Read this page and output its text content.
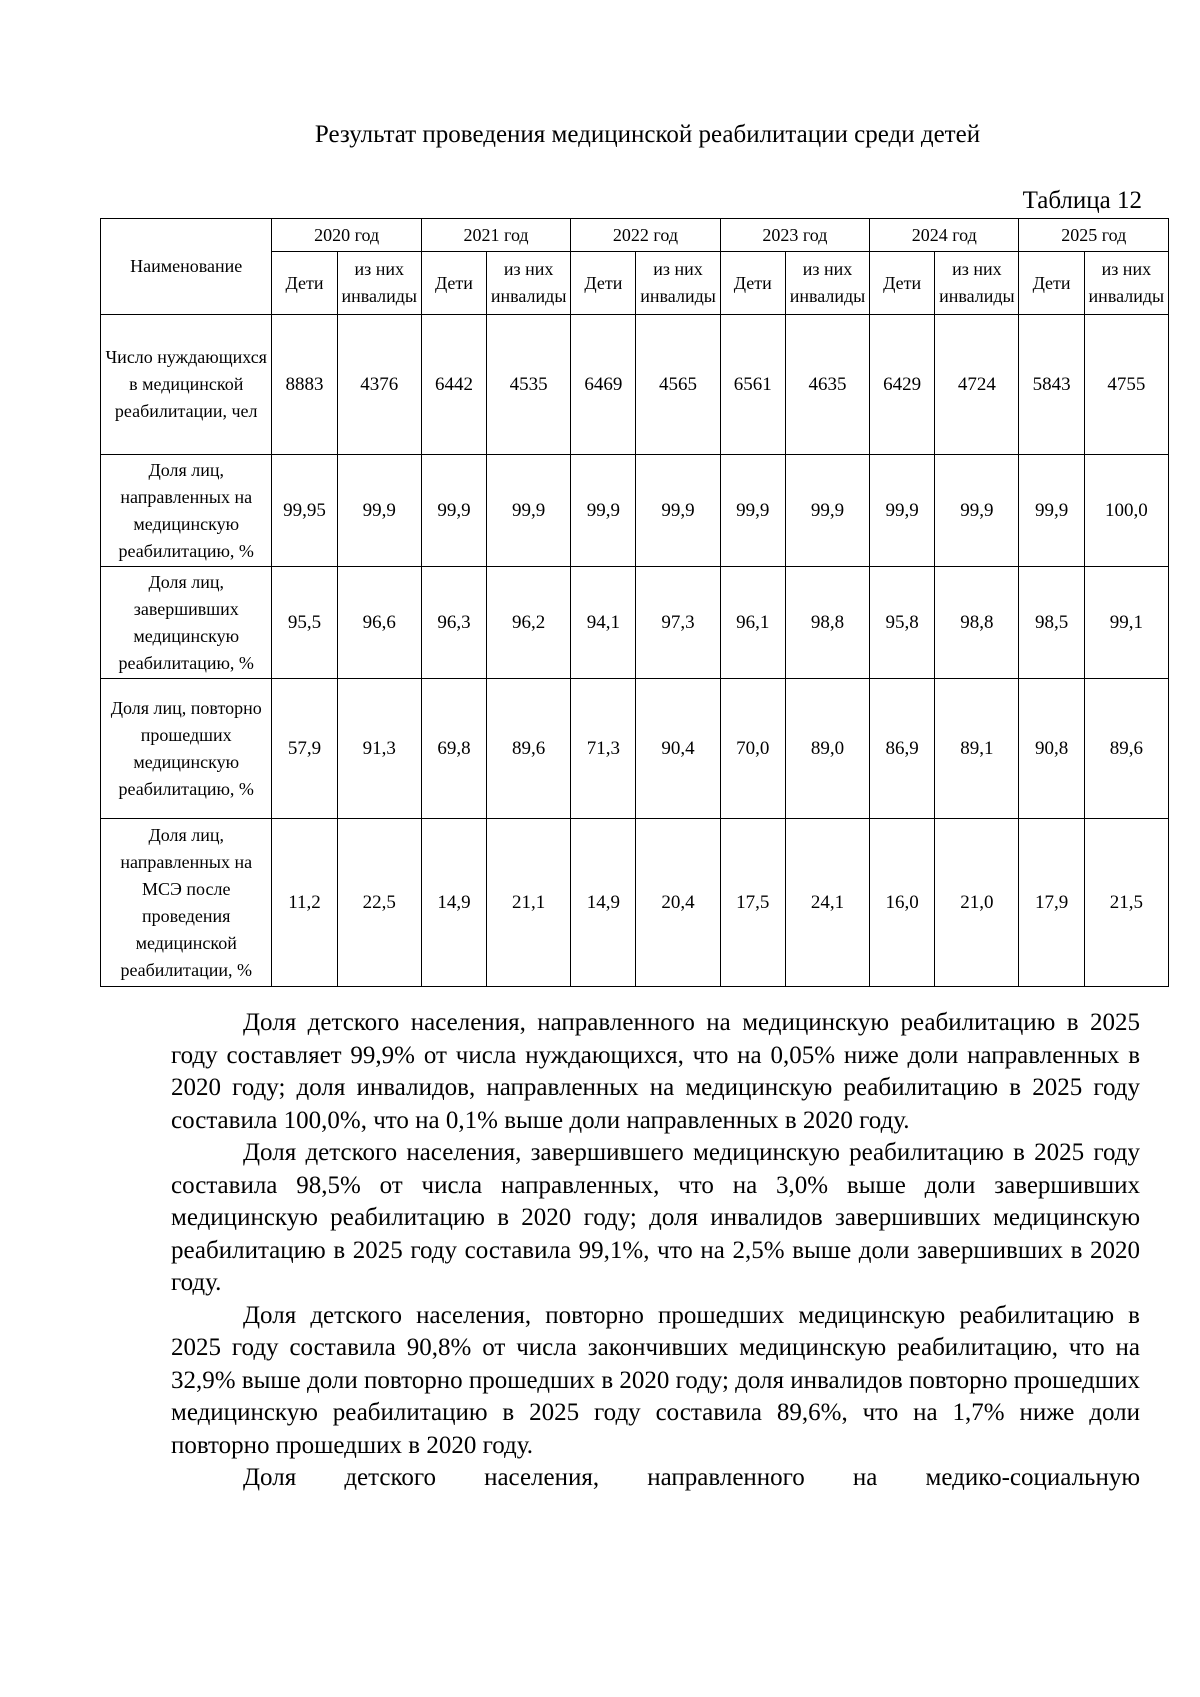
Результат проведения медицинской реабилитации среди детей
Таблица 12
Наименование	2020 год		2021 год		2022 год		2023 год		2024 год		2025 год	
	Дети	из них инвалиды	Дети	из них инвалиды	Дети	из них инвалиды	Дети	из них инвалиды	Дети	из них инвалиды	Дети	из них инвалиды
Число нуждающихся в медицинской реабилитации, чел	8883	4376	6442	4535	6469	4565	6561	4635	6429	4724	5843	4755
Доля лиц, направленных на медицинскую реабилитацию, %	99,95	99,9	99,9	99,9	99,9	99,9	99,9	99,9	99,9	99,9	99,9	100,0
Доля лиц, завершивших медицинскую реабилитацию, %	95,5	96,6	96,3	96,2	94,1	97,3	96,1	98,8	95,8	98,8	98,5	99,1
Доля лиц, повторно прошедших медицинскую реабилитацию, %	57,9	91,3	69,8	89,6	71,3	90,4	70,0	89,0	86,9	89,1	90,8	89,6
Доля лиц, направленных на МСЭ после проведения медицинской реабилитации, %	11,2	22,5	14,9	21,1	14,9	20,4	17,5	24,1	16,0	21,0	17,9	21,5

Доля детского населения, направленного на медицинскую реабилитацию в 2025 году составляет 99,9% от числа нуждающихся, что на 0,05% ниже доли направленных в 2020 году; доля инвалидов, направленных на медицинскую реабилитацию в 2025 году составила 100,0%, что на 0,1% выше доли направленных в 2020 году.

Доля детского населения, завершившего медицинскую реабилитацию в 2025 году составила 98,5% от числа направленных, что на 3,0% выше доли завершивших медицинскую реабилитацию в 2020 году; доля инвалидов завершивших медицинскую реабилитацию в 2025 году составила 99,1%, что на 2,5% выше доли завершивших в 2020 году.

Доля детского населения, повторно прошедших медицинскую реабилитацию в 2025 году составила 90,8% от числа закончивших медицинскую реабилитацию, что на 32,9% выше доли повторно прошедших в 2020 году; доля инвалидов повторно прошедших медицинскую реабилитацию в 2025 году составила 89,6%, что на 1,7% ниже доли повторно прошедших в 2020 году.

Доля детского населения, направленного на медико-социальную
